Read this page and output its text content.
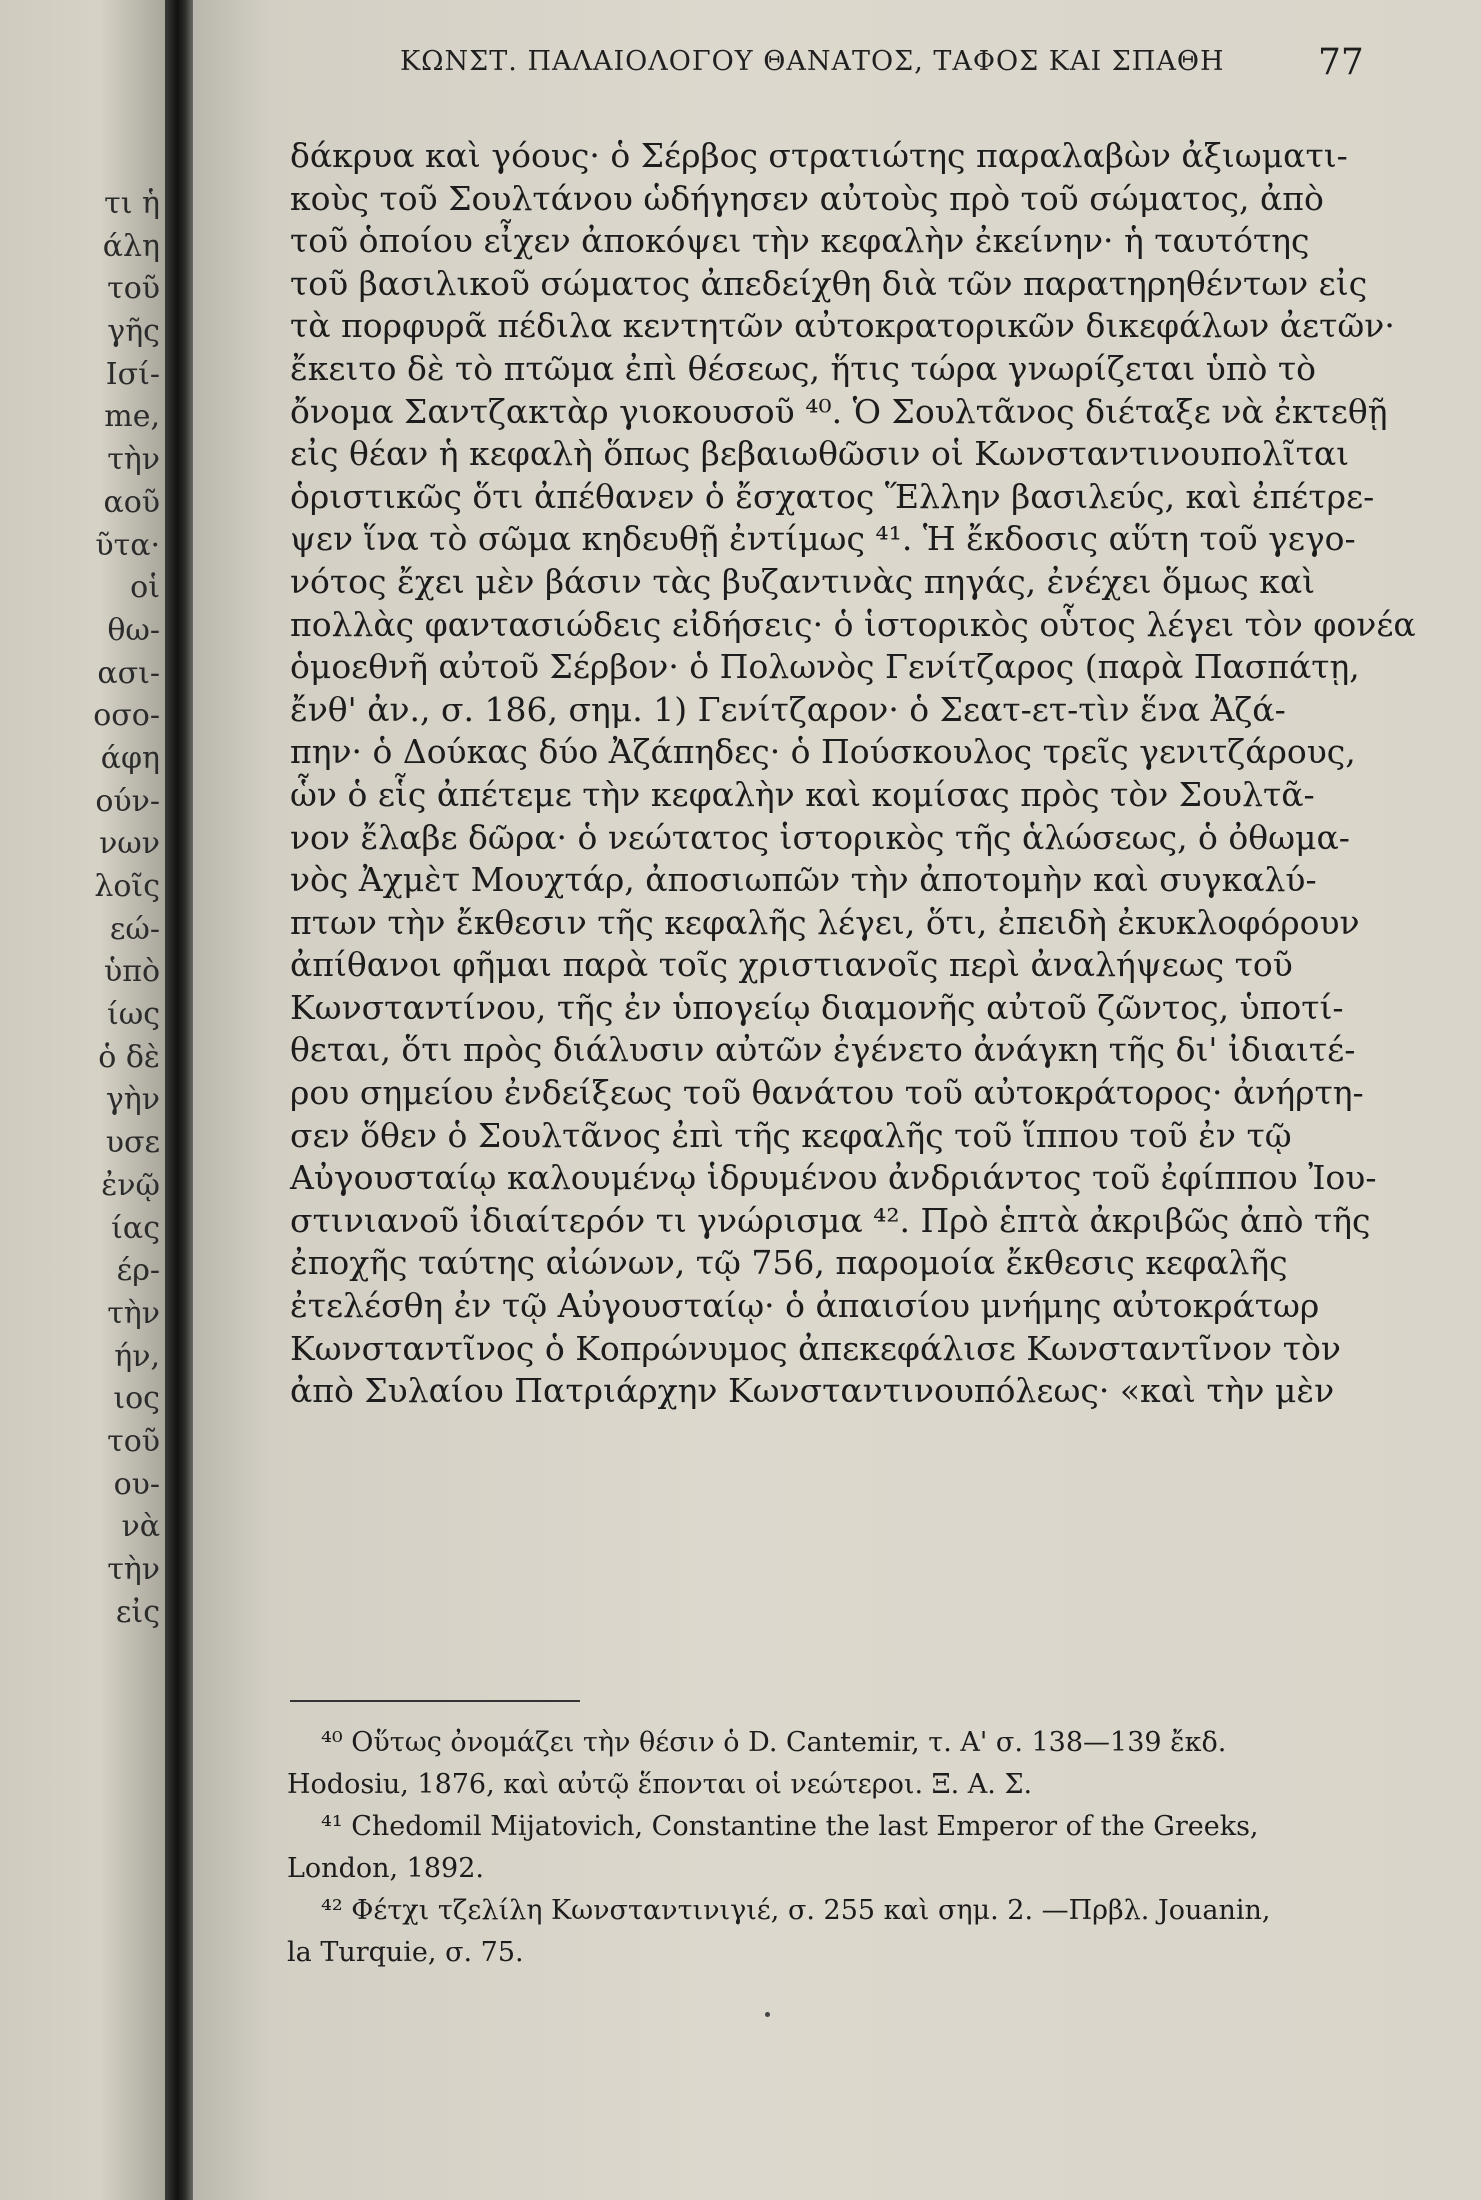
τι ἡ
άλη
τοῦ
γῆς
Ισί-
me,
τὴν
αοῦ
ῦτα·
οἱ
θω-
ασι-
οσο-
άφη
ούν-
νων
λοῖς
εώ-
ὑπὸ
ίως
ὁ δὲ
γὴν
υσε
ἐνῷ
ίας
έρ-
τὴν
ήν,
ιος
τοῦ
ου-
νὰ
τὴν
εἰς
ΚΩΝΣΤ. ΠΑΛΑΙΟΛΟΓΟΥ ΘΑΝΑΤΟΣ, ΤΑΦΟΣ ΚΑΙ ΣΠΑΘΗ	77
δάκρυα καὶ γόους· ὁ Σέρβος στρατιώτης παραλαβὼν ἀξιωματι-
κοὺς τοῦ Σουλτάνου ὡδήγησεν αὐτοὺς πρὸ τοῦ σώματος, ἀπὸ
τοῦ ὁποίου εἶχεν ἀποκόψει τὴν κεφαλὴν ἐκείνην· ἡ ταυτότης
τοῦ βασιλικοῦ σώματος ἀπεδείχθη διὰ τῶν παρατηρηθέντων εἰς
τὰ πορφυρᾶ πέδιλα κεντητῶν αὐτοκρατορικῶν δικεφάλων ἀετῶν·
ἔκειτο δὲ τὸ πτῶμα ἐπὶ θέσεως, ἥτις τώρα γνωρίζεται ὑπὸ τὸ
ὄνομα Σαντζακτὰρ γιοκουσοῦ ⁴⁰. Ὁ Σουλτᾶνος διέταξε νὰ ἐκτεθῇ
εἰς θέαν ἡ κεφαλὴ ὅπως βεβαιωθῶσιν οἱ Κωνσταντινουπολῖται
ὁριστικῶς ὅτι ἀπέθανεν ὁ ἔσχατος Ἕλλην βασιλεύς, καὶ ἐπέτρε-
ψεν ἵνα τὸ σῶμα κηδευθῇ ἐντίμως ⁴¹. Ἡ ἔκδοσις αὕτη τοῦ γεγο-
νότος ἔχει μὲν βάσιν τὰς βυζαντινὰς πηγάς, ἐνέχει ὅμως καὶ
πολλὰς φαντασιώδεις εἰδήσεις· ὁ ἱστορικὸς οὗτος λέγει τὸν φονέα
ὁμοεθνῆ αὐτοῦ Σέρβον· ὁ Πολωνὸς Γενίτζαρος (παρὰ Πασπάτῃ,
ἔνθ' ἀν., σ. 186, σημ. 1) Γενίτζαρον· ὁ Σεατ-ετ-τὶν ἕνα Ἀζά-
πην· ὁ Δούκας δύο Ἀζάπηδες· ὁ Πούσκουλος τρεῖς γενιτζάρους,
ὧν ὁ εἷς ἀπέτεμε τὴν κεφαλὴν καὶ κομίσας πρὸς τὸν Σουλτᾶ-
νον ἔλαβε δῶρα· ὁ νεώτατος ἱστορικὸς τῆς ἁλώσεως, ὁ ὀθωμα-
νὸς Ἀχμὲτ Μουχτάρ, ἀποσιωπῶν τὴν ἀποτομὴν καὶ συγκαλύ-
πτων τὴν ἔκθεσιν τῆς κεφαλῆς λέγει, ὅτι, ἐπειδὴ ἐκυκλοφόρουν
ἀπίθανοι φῆμαι παρὰ τοῖς χριστιανοῖς περὶ ἀναλήψεως τοῦ
Κωνσταντίνου, τῆς ἐν ὑπογείῳ διαμονῆς αὐτοῦ ζῶντος, ὑποτί-
θεται, ὅτι πρὸς διάλυσιν αὐτῶν ἐγένετο ἀνάγκη τῆς δι' ἰδιαιτέ-
ρου σημείου ἐνδείξεως τοῦ θανάτου τοῦ αὐτοκράτορος· ἀνήρτη-
σεν ὅθεν ὁ Σουλτᾶνος ἐπὶ τῆς κεφαλῆς τοῦ ἵππου τοῦ ἐν τῷ
Αὐγουσταίῳ καλουμένῳ ἱδρυμένου ἀνδριάντος τοῦ ἐφίππου Ἰου-
στινιανοῦ ἰδιαίτερόν τι γνώρισμα ⁴². Πρὸ ἑπτὰ ἀκριβῶς ἀπὸ τῆς
ἐποχῆς ταύτης αἰώνων, τῷ 756, παρομοία ἔκθεσις κεφαλῆς
ἐτελέσθη ἐν τῷ Αὐγουσταίῳ· ὁ ἀπαισίου μνήμης αὐτοκράτωρ
Κωνσταντῖνος ὁ Κοπρώνυμος ἀπεκεφάλισε Κωνσταντῖνον τὸν
ἀπὸ Συλαίου Πατριάρχην Κωνσταντινουπόλεως· «καὶ τὴν μὲν
⁴⁰ Οὕτως ὀνομάζει τὴν θέσιν ὁ D. Cantemir, τ. Α' σ. 138—139 ἔκδ.
Hodosiu, 1876, καὶ αὐτῷ ἕπονται οἱ νεώτεροι. Ξ. Α. Σ.
⁴¹ Chedomil Mijatovich, Constantine the last Emperor of the Greeks,
London, 1892.
⁴² Φέτχι τζελίλη Κωνσταντινιγιέ, σ. 255 καὶ σημ. 2. —Πρβλ. Jouanin,
la Turquie, σ. 75.
